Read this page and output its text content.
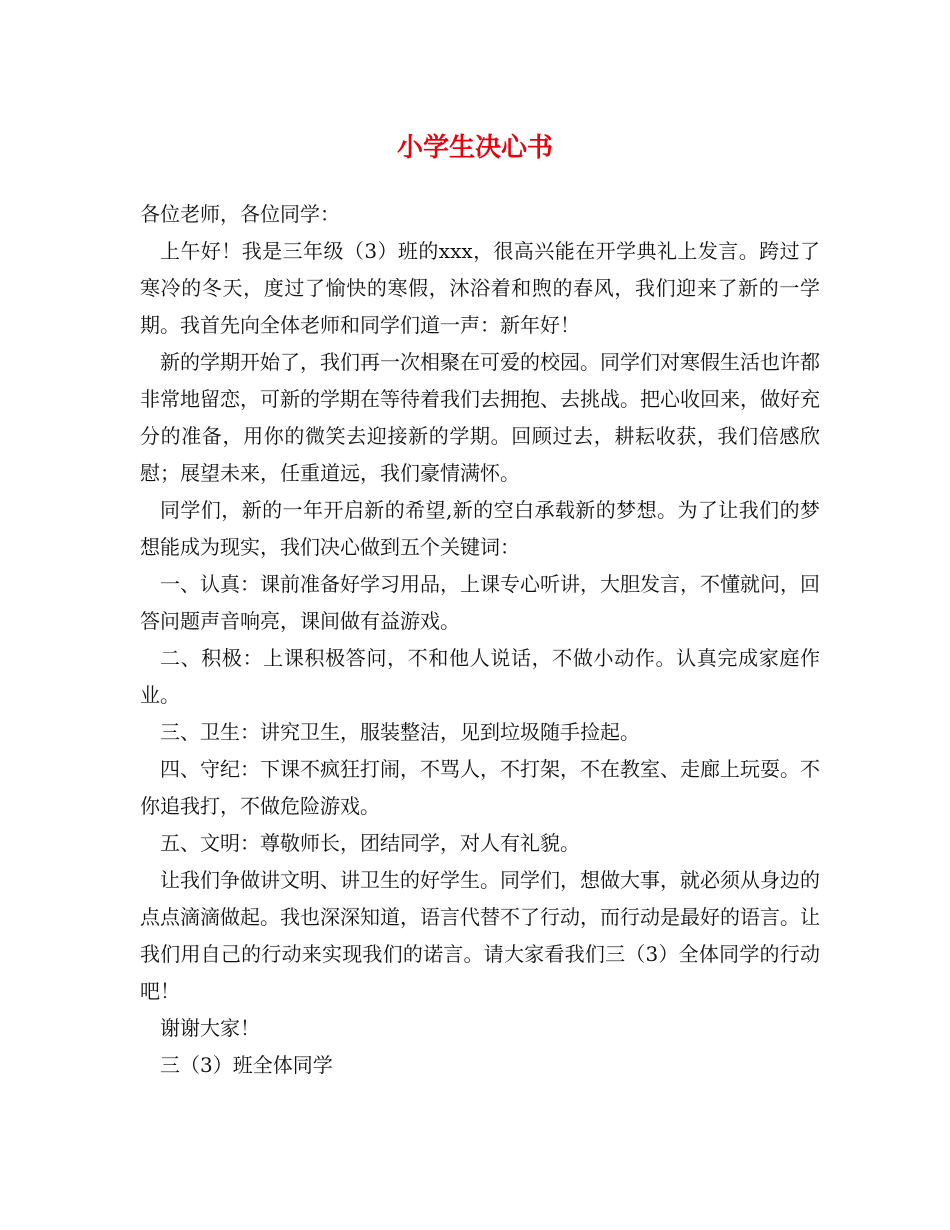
小学生决心书

各位老师，各位同学：

上午好！我是三年级（3）班的xxx，很高兴能在开学典礼上发言。跨过了寒冷的冬天，度过了愉快的寒假，沐浴着和煦的春风，我们迎来了新的一学期。我首先向全体老师和同学们道一声：新年好！

新的学期开始了，我们再一次相聚在可爱的校园。同学们对寒假生活也许都非常地留恋，可新的学期在等待着我们去拥抱、去挑战。把心收回来，做好充分的准备，用你的微笑去迎接新的学期。回顾过去，耕耘收获，我们倍感欣慰；展望未来，任重道远，我们豪情满怀。

同学们，新的一年开启新的希望,新的空白承载新的梦想。为了让我们的梦想能成为现实，我们决心做到五个关键词：

一、认真：课前准备好学习用品，上课专心听讲，大胆发言，不懂就问，回答问题声音响亮，课间做有益游戏。

二、积极：上课积极答问，不和他人说话，不做小动作。认真完成家庭作业。

三、卫生：讲究卫生，服装整洁，见到垃圾随手捡起。

四、守纪：下课不疯狂打闹，不骂人，不打架，不在教室、走廊上玩耍。不你追我打，不做危险游戏。

五、文明：尊敬师长，团结同学，对人有礼貌。

让我们争做讲文明、讲卫生的好学生。同学们，想做大事，就必须从身边的点点滴滴做起。我也深深知道，语言代替不了行动，而行动是最好的语言。让我们用自己的行动来实现我们的诺言。请大家看我们三（3）全体同学的行动吧！

谢谢大家！

三（3）班全体同学
